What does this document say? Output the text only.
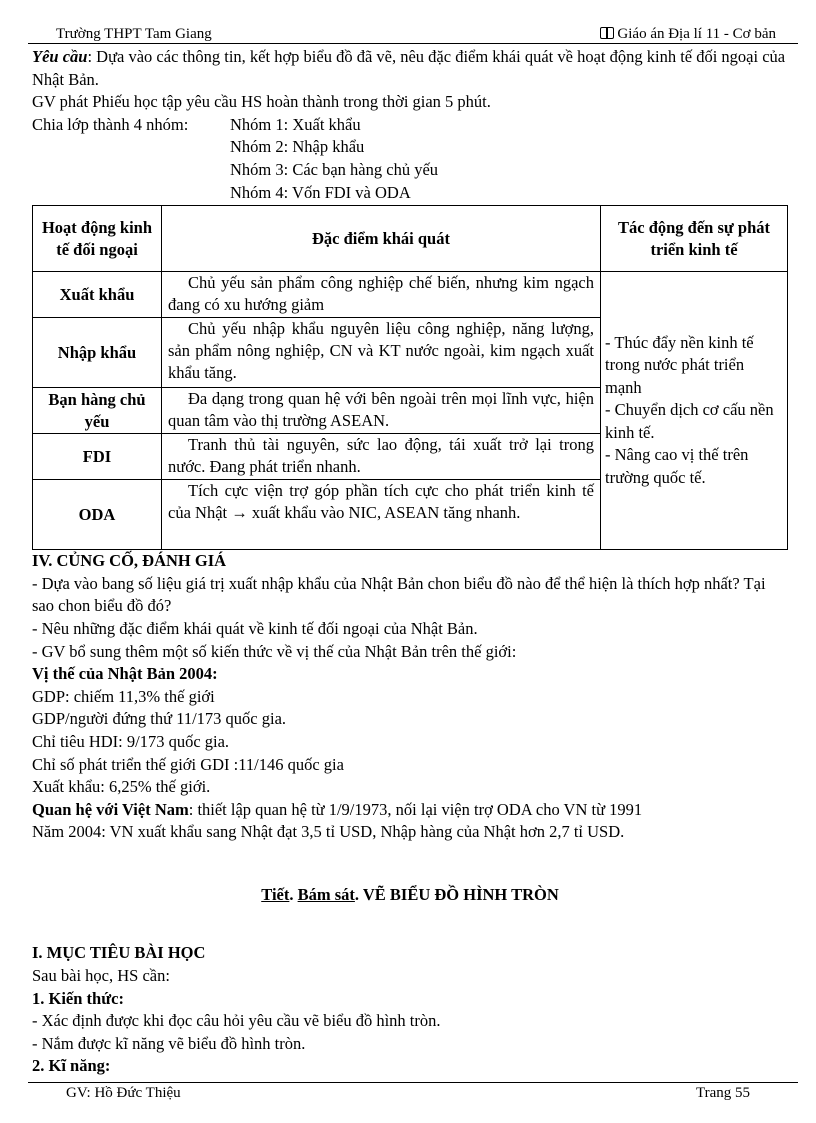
Trường THPT Tam Giang	Giáo án Địa lí 11 - Cơ bản

Yêu cầu: Dựa vào các thông tin, kết hợp biểu đồ đã vẽ, nêu đặc điểm khái quát về hoạt động kinh tế đối ngoại của Nhật Bản.

GV phát Phiếu học tập yêu cầu HS hoàn thành trong thời gian 5 phút.

Chia lớp thành 4 nhóm:	Nhóm 1: Xuất khẩu

Nhóm 2: Nhập khẩu

Nhóm 3: Các bạn hàng chủ yếu

Nhóm 4: Vốn FDI và ODA

Hoạt động kinh tế đối ngoại	Đặc điểm khái quát	Tác động đến sự phát triển kinh tế
Xuất khẩu	Chủ yếu sản phẩm công nghiệp chế biến, nhưng kim ngạch đang có xu hướng giảm	- Thúc đẩy nền kinh tế trong nước phát triển mạnh
- Chuyển dịch cơ cấu nền kinh tế.
- Nâng cao vị thế trên trường quốc tế.

Nhập khẩu	Chủ yếu nhập khẩu nguyên liệu công nghiệp, năng lượng, sản phẩm nông nghiệp, CN và KT nước ngoài, kim ngạch xuất khẩu tăng.	
Bạn hàng chủ yếu	Đa dạng trong quan hệ với bên ngoài trên mọi lĩnh vực, hiện quan tâm vào thị trường ASEAN.	
FDI	Tranh thủ tài nguyên, sức lao động, tái xuất trở lại trong nước. Đang phát triển nhanh.	
ODA	Tích cực viện trợ góp phần tích cực cho phát triển kinh tế của Nhật → xuất khẩu vào NIC, ASEAN tăng nhanh.	

IV. CỦNG CỐ, ĐÁNH GIÁ

- Dựa vào bang số liệu giá trị xuất nhập khẩu của Nhật Bản chon biểu đồ nào để thể hiện là thích hợp nhất? Tại sao chon biểu đồ đó?

- Nêu những đặc điểm khái quát về kinh tế đối ngoại của Nhật Bản.

- GV bổ sung thêm một số kiến thức về vị thế của Nhật Bản trên thế giới:

Vị thế của Nhật Bản 2004:

GDP: chiếm 11,3% thế giới

GDP/người đứng thứ 11/173 quốc gia.

Chỉ tiêu HDI: 9/173 quốc gia.

Chỉ số phát triển thế giới GDI :11/146 quốc gia

Xuất khẩu: 6,25% thế giới.

Quan hệ với Việt Nam: thiết lập quan hệ từ 1/9/1973, nối lại viện trợ ODA cho VN từ 1991

Năm 2004: VN xuất khẩu sang Nhật đạt 3,5 tỉ USD, Nhập hàng của Nhật hơn 2,7 tỉ USD.

Tiết. Bám sát. VẼ BIỂU ĐỒ HÌNH TRÒN

I. MỤC TIÊU BÀI HỌC

Sau bài học, HS cần:

1. Kiến thức:

- Xác định được khi đọc câu hỏi yêu cầu vẽ biểu đồ hình tròn.

- Nắm được kĩ năng vẽ biểu đồ hình tròn.

2. Kĩ năng:

GV: Hồ Đức Thiệu	Trang 55
